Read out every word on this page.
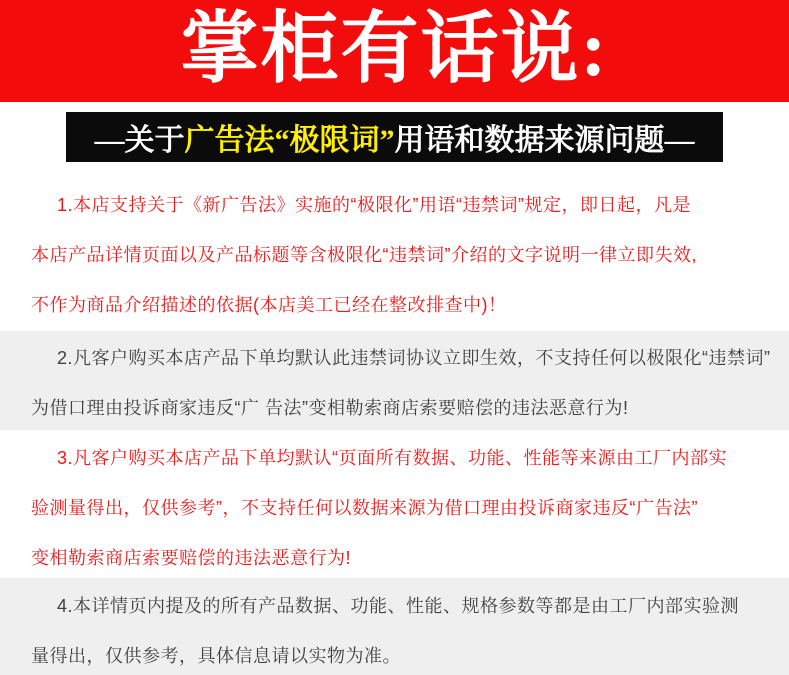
掌柜有话说:
—关于 广告法“极限词” 用语和数据来源问题—
1.本店支持关于《新广告法》实施的“极限化”用语“违禁词”规定，即日起，凡是
本店产品详情页面以及产品标题等含极限化“违禁词”介绍的文字说明一律立即失效,
不作为商品介绍描述的依据(本店美工已经在整改排查中)！
2.凡客户购买本店产品下单均默认此违禁词协议立即生效，不支持任何以极限化“违禁词”
为借口理由投诉商家违反“广 告法”变相勒索商店索要赔偿的违法恶意行为!
3.凡客户购买本店产品下单均默认“页面所有数据、功能、性能等来源由工厂内部实
验测量得出，仅供参考”，不支持任何以数据来源为借口理由投诉商家违反“广告法”
变相勒索商店索要赔偿的违法恶意行为!
4.本详情页内提及的所有产品数据、功能、性能、规格参数等都是由工厂内部实验测
量得出，仅供参考，具体信息请以实物为准。
